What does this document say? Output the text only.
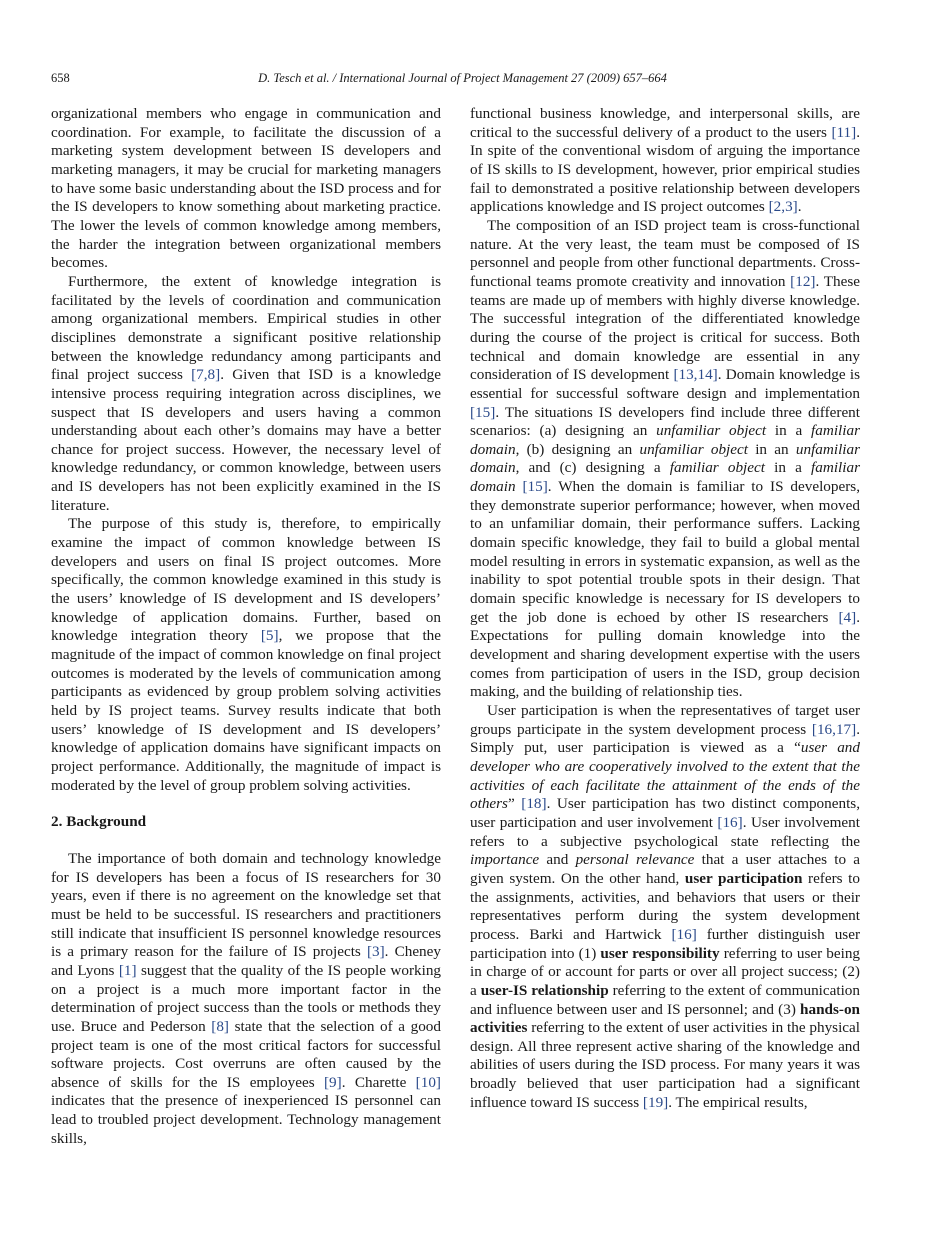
658	D. Tesch et al. / International Journal of Project Management 27 (2009) 657–664

organizational members who engage in communication and coordination. For example, to facilitate the discussion of a marketing system development between IS developers and marketing managers, it may be crucial for marketing managers to have some basic understanding about the ISD process and for the IS developers to know something about marketing practice. The lower the levels of common knowledge among members, the harder the integration between organizational members becomes.

Furthermore, the extent of knowledge integration is facilitated by the levels of coordination and communication among organizational members. Empirical studies in other disciplines demonstrate a significant positive relationship between the knowledge redundancy among participants and final project success [7,8]. Given that ISD is a knowledge intensive process requiring integration across disciplines, we suspect that IS developers and users having a common understanding about each other’s domains may have a better chance for project success. However, the necessary level of knowledge redundancy, or common knowledge, between users and IS developers has not been explicitly examined in the IS literature.

The purpose of this study is, therefore, to empirically examine the impact of common knowledge between IS developers and users on final IS project outcomes. More specifically, the common knowledge examined in this study is the users’ knowledge of IS development and IS developers’ knowledge of application domains. Further, based on knowledge integration theory [5], we propose that the magnitude of the impact of common knowledge on final project outcomes is moderated by the levels of communication among participants as evidenced by group problem solving activities held by IS project teams. Survey results indicate that both users’ knowledge of IS development and IS developers’ knowledge of application domains have significant impacts on project performance. Additionally, the magnitude of impact is moderated by the level of group problem solving activities.

2. Background

The importance of both domain and technology knowledge for IS developers has been a focus of IS researchers for 30 years, even if there is no agreement on the knowledge set that must be held to be successful. IS researchers and practitioners still indicate that insufficient IS personnel knowledge resources is a primary reason for the failure of IS projects [3]. Cheney and Lyons [1] suggest that the quality of the IS people working on a project is a much more important factor in the determination of project success than the tools or methods they use. Bruce and Pederson [8] state that the selection of a good project team is one of the most critical factors for successful software projects. Cost overruns are often caused by the absence of skills for the IS employees [9]. Charette [10] indicates that the presence of inexperienced IS personnel can lead to troubled project development. Technology management skills,

functional business knowledge, and interpersonal skills, are critical to the successful delivery of a product to the users [11]. In spite of the conventional wisdom of arguing the importance of IS skills to IS development, however, prior empirical studies fail to demonstrated a positive relationship between developers applications knowledge and IS project outcomes [2,3].

The composition of an ISD project team is cross-functional nature. At the very least, the team must be composed of IS personnel and people from other functional departments. Cross-functional teams promote creativity and innovation [12]. These teams are made up of members with highly diverse knowledge. The successful integration of the differentiated knowledge during the course of the project is critical for success. Both technical and domain knowledge are essential in any consideration of IS development [13,14]. Domain knowledge is essential for successful software design and implementation [15]. The situations IS developers find include three different scenarios: (a) designing an unfamiliar object in a familiar domain, (b) designing an unfamiliar object in an unfamiliar domain, and (c) designing a familiar object in a familiar domain [15]. When the domain is familiar to IS developers, they demonstrate superior performance; however, when moved to an unfamiliar domain, their performance suffers. Lacking domain specific knowledge, they fail to build a global mental model resulting in errors in systematic expansion, as well as the inability to spot potential trouble spots in their design. That domain specific knowledge is necessary for IS developers to get the job done is echoed by other IS researchers [4]. Expectations for pulling domain knowledge into the development and sharing development expertise with the users comes from participation of users in the ISD, group decision making, and the building of relationship ties.

User participation is when the representatives of target user groups participate in the system development process [16,17]. Simply put, user participation is viewed as a “user and developer who are cooperatively involved to the extent that the activities of each facilitate the attainment of the ends of the others” [18]. User participation has two distinct components, user participation and user involvement [16]. User involvement refers to a subjective psychological state reflecting the importance and personal relevance that a user attaches to a given system. On the other hand, user participation refers to the assignments, activities, and behaviors that users or their representatives perform during the system development process. Barki and Hartwick [16] further distinguish user participation into (1) user responsibility referring to user being in charge of or account for parts or over all project success; (2) a user-IS relationship referring to the extent of communication and influence between user and IS personnel; and (3) hands-on activities referring to the extent of user activities in the physical design. All three represent active sharing of the knowledge and abilities of users during the ISD process. For many years it was broadly believed that user participation had a significant influence toward IS success [19]. The empirical results,
